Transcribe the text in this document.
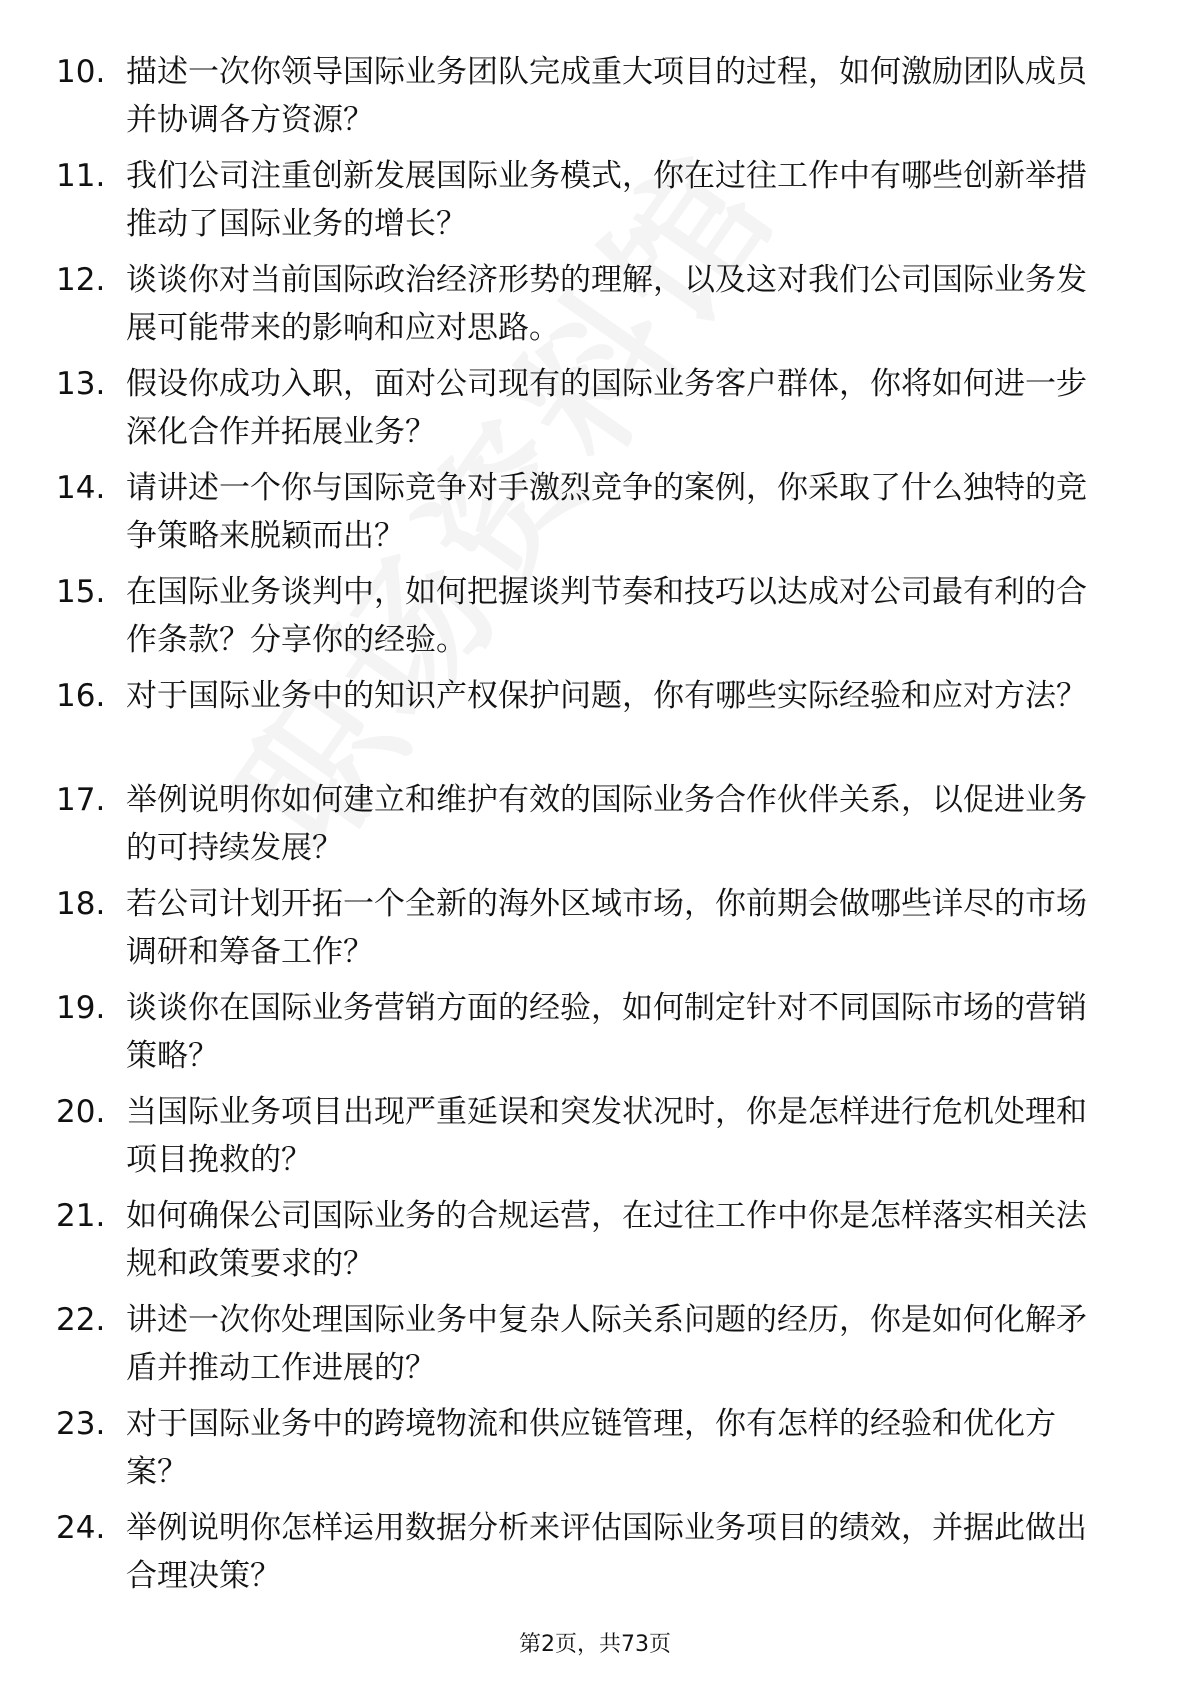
10. 描述一次你领导国际业务团队完成重大项目的过程，如何激励团队成员并协调各方资源？
11. 我们公司注重创新发展国际业务模式，你在过往工作中有哪些创新举措推动了国际业务的增长？
12. 谈谈你对当前国际政治经济形势的理解，以及这对我们公司国际业务发展可能带来的影响和应对思路。
13. 假设你成功入职，面对公司现有的国际业务客户群体，你将如何进一步深化合作并拓展业务？
14. 请讲述一个你与国际竞争对手激烈竞争的案例，你采取了什么独特的竞争策略来脱颖而出？
15. 在国际业务谈判中，如何把握谈判节奏和技巧以达成对公司最有利的合作条款？分享你的经验。
16. 对于国际业务中的知识产权保护问题，你有哪些实际经验和应对方法？
17. 举例说明你如何建立和维护有效的国际业务合作伙伴关系，以促进业务的可持续发展？
18. 若公司计划开拓一个全新的海外区域市场，你前期会做哪些详尽的市场调研和筹备工作？
19. 谈谈你在国际业务营销方面的经验，如何制定针对不同国际市场的营销策略？
20. 当国际业务项目出现严重延误和突发状况时，你是怎样进行危机处理和项目挽救的？
21. 如何确保公司国际业务的合规运营，在过往工作中你是怎样落实相关法规和政策要求的？
22. 讲述一次你处理国际业务中复杂人际关系问题的经历，你是如何化解矛盾并推动工作进展的？
23. 对于国际业务中的跨境物流和供应链管理，你有怎样的经验和优化方案？
24. 举例说明你怎样运用数据分析来评估国际业务项目的绩效，并据此做出合理决策？
第2页，共73页
